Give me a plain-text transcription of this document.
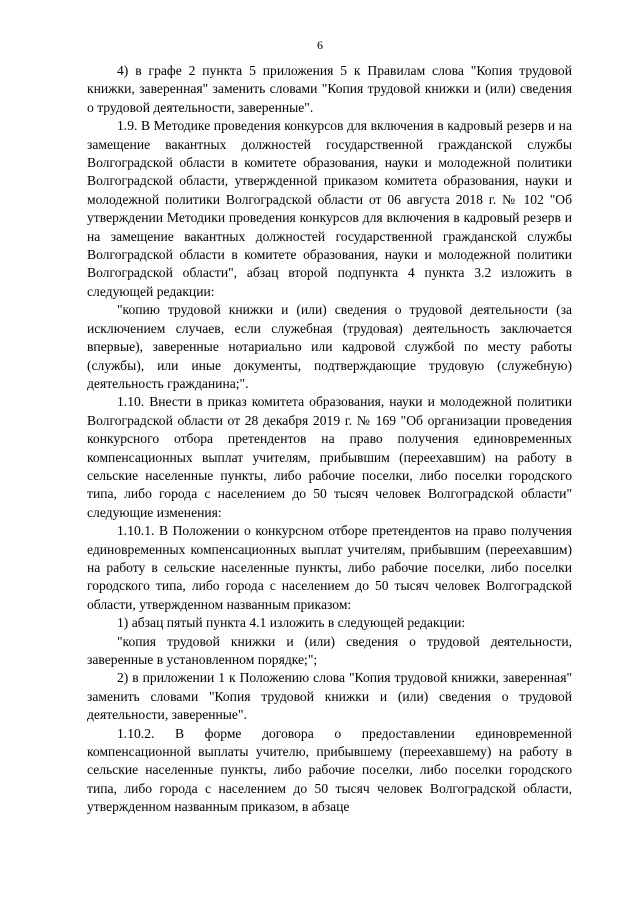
6

4) в графе 2 пункта 5 приложения 5 к Правилам слова "Копия трудовой книжки, заверенная" заменить словами "Копия трудовой книжки и (или) сведения о трудовой деятельности, заверенные".

1.9. В Методике проведения конкурсов для включения в кадровый резерв и на замещение вакантных должностей государственной гражданской службы Волгоградской области в комитете образования, науки и молодежной политики Волгоградской области, утвержденной приказом комитета образования, науки и молодежной политики Волгоградской области от 06 августа 2018 г. № 102 "Об утверждении Методики проведения конкурсов для включения в кадровый резерв и на замещение вакантных должностей государственной гражданской службы Волгоградской области в комитете образования, науки и молодежной политики Волгоградской области", абзац второй подпункта 4 пункта 3.2 изложить в следующей редакции:

"копию трудовой книжки и (или) сведения о трудовой деятельности (за исключением случаев, если служебная (трудовая) деятельность заключается впервые), заверенные нотариально или кадровой службой по месту работы (службы), или иные документы, подтверждающие трудовую (служебную) деятельность гражданина;".

1.10. Внести в приказ комитета образования, науки и молодежной политики Волгоградской области от 28 декабря 2019 г. № 169 "Об организации проведения конкурсного отбора претендентов на право получения единовременных компенсационных выплат учителям, прибывшим (переехавшим) на работу в сельские населенные пункты, либо рабочие поселки, либо поселки городского типа, либо города с населением до 50 тысяч человек Волгоградской области" следующие изменения:

1.10.1. В Положении о конкурсном отборе претендентов на право получения единовременных компенсационных выплат учителям, прибывшим (переехавшим) на работу в сельские населенные пункты, либо рабочие поселки, либо поселки городского типа, либо города с населением до 50 тысяч человек Волгоградской области, утвержденном названным приказом:

1) абзац пятый пункта 4.1 изложить в следующей редакции:

"копия трудовой книжки и (или) сведения о трудовой деятельности, заверенные в установленном порядке;";

2) в приложении 1 к Положению слова "Копия трудовой книжки, заверенная" заменить словами "Копия трудовой книжки и (или) сведения о трудовой деятельности, заверенные".

1.10.2. В форме договора о предоставлении единовременной компенсационной выплаты учителю, прибывшему (переехавшему) на работу в сельские населенные пункты, либо рабочие поселки, либо поселки городского типа, либо города с населением до 50 тысяч человек Волгоградской области, утвержденном названным приказом, в абзаце
